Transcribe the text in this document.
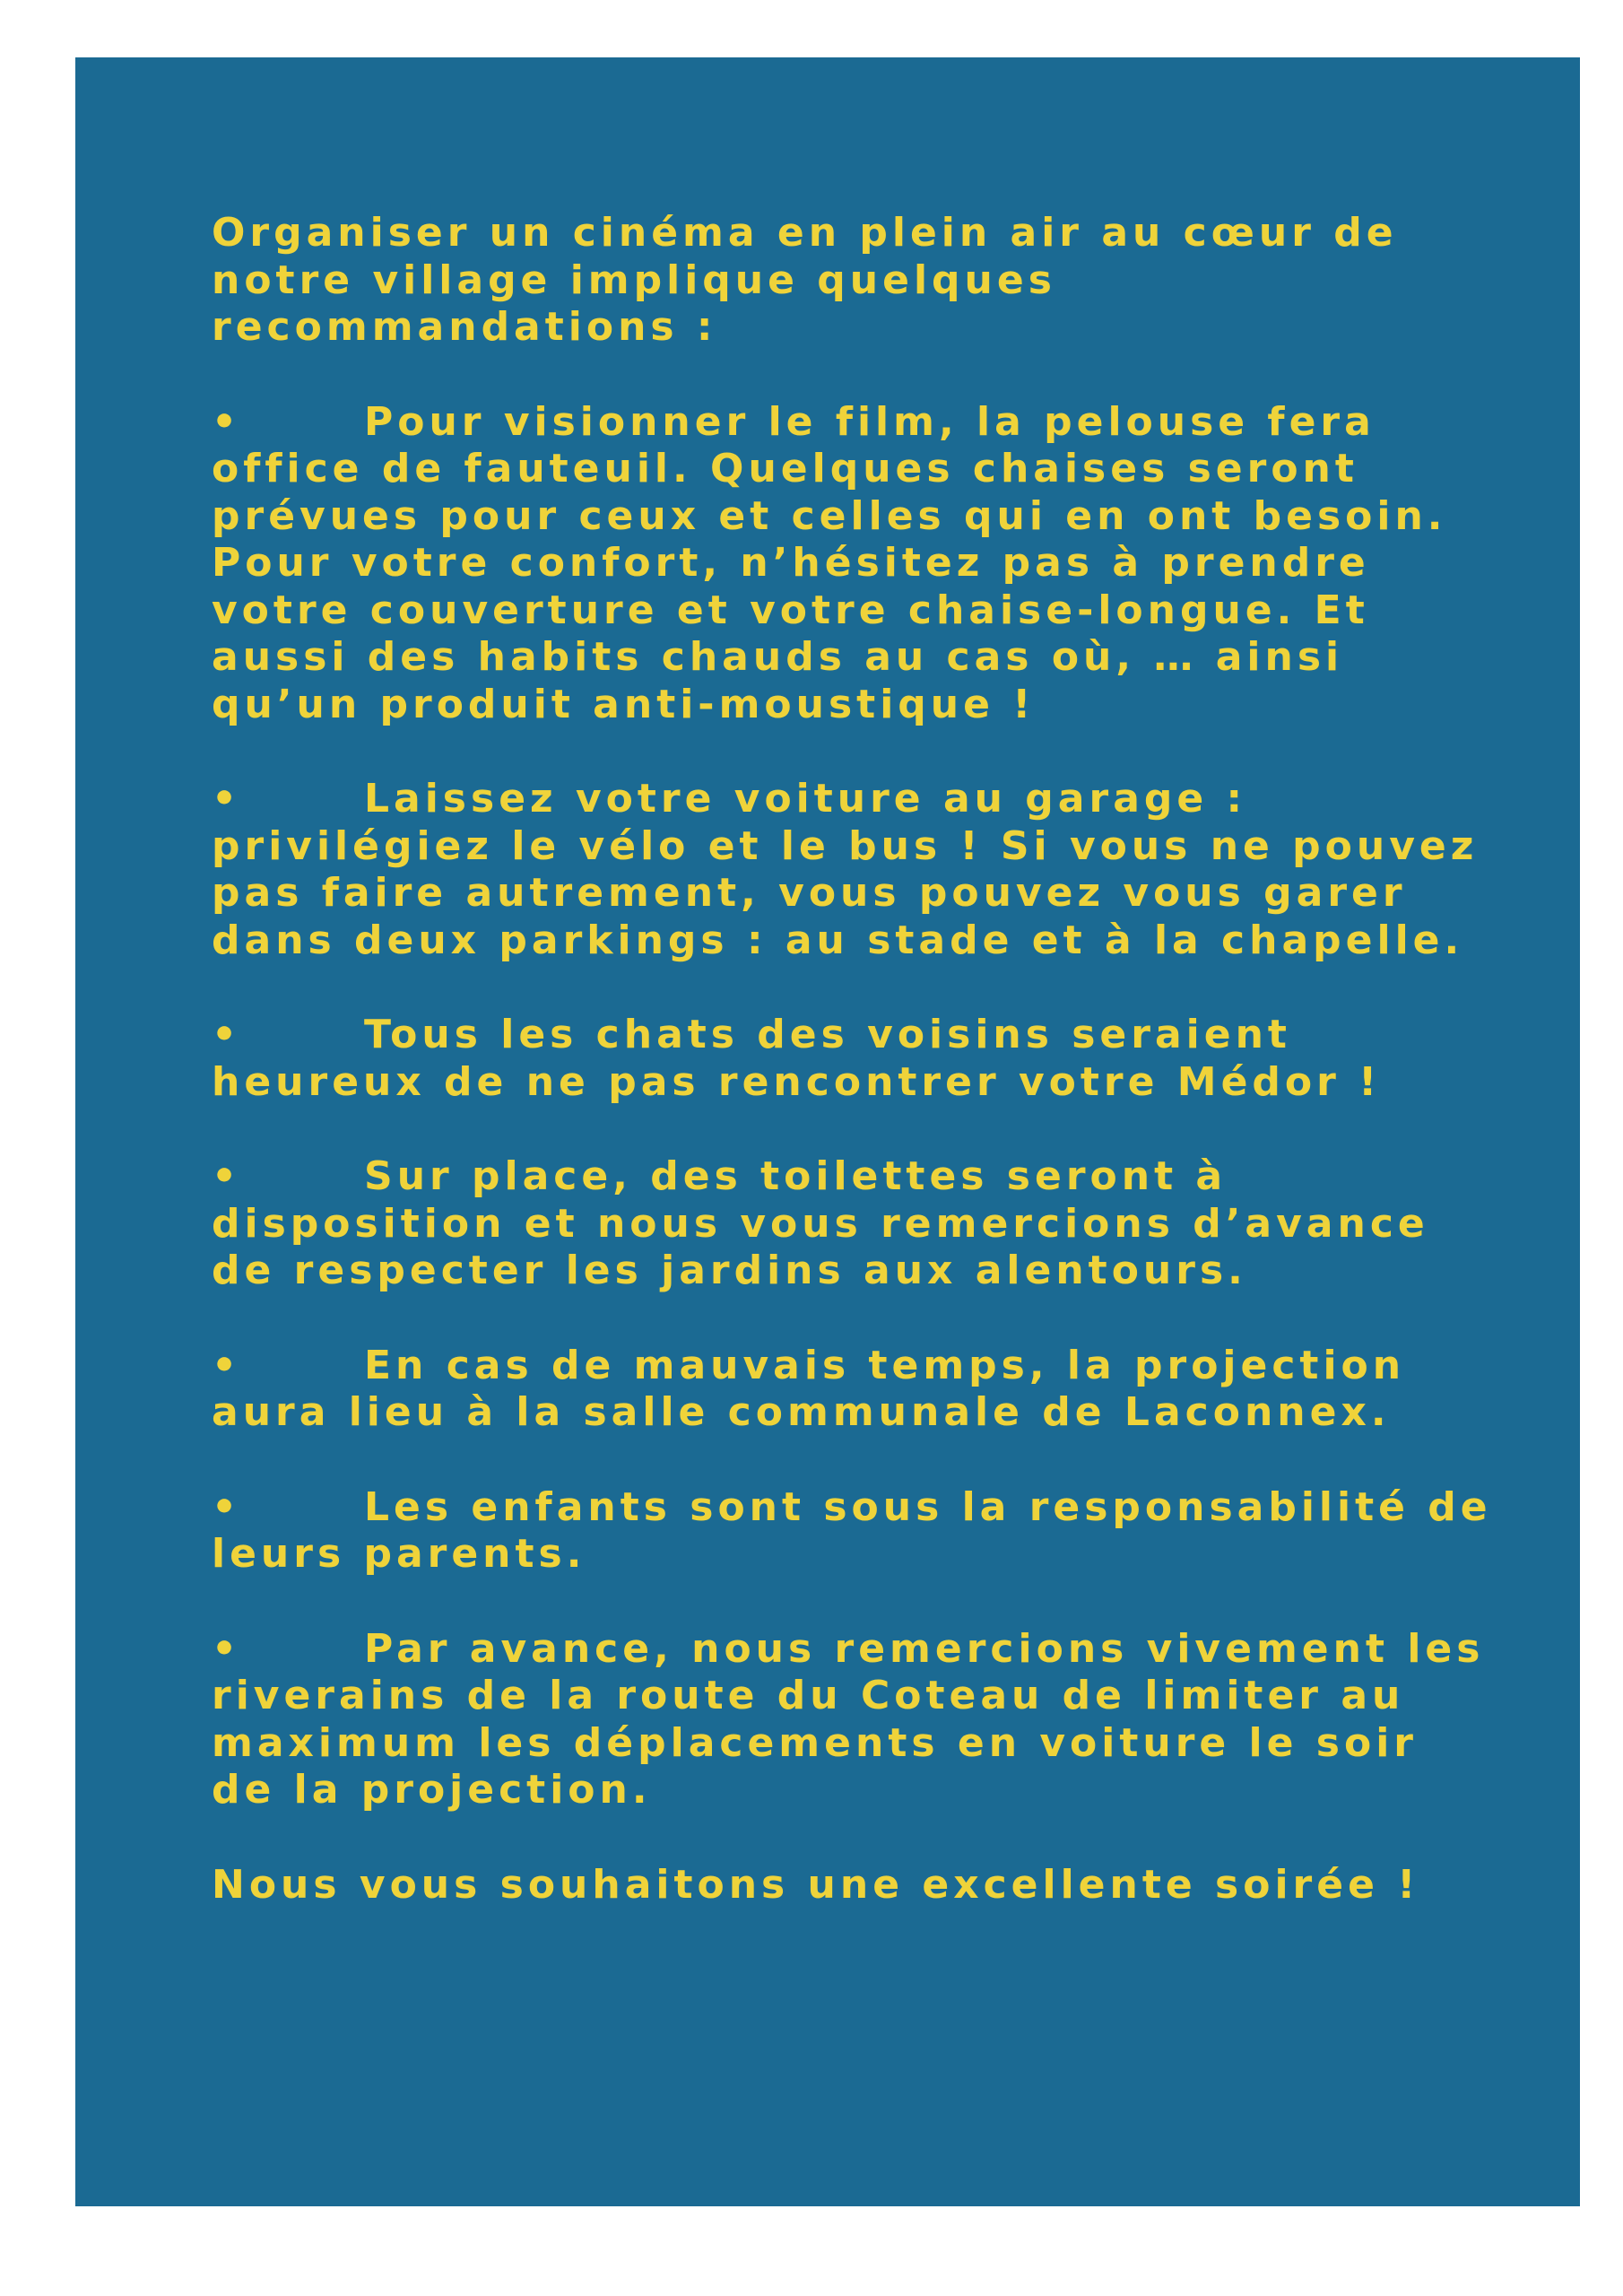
Organiser un cinéma en plein air au cœur de notre village implique quelques recommandations :

•	Pour visionner le film, la pelouse fera office de fauteuil. Quelques chaises seront prévues pour ceux et celles qui en ont besoin. Pour votre confort, n’hésitez pas à prendre votre couverture et votre chaise-longue. Et aussi des habits chauds au cas où, … ainsi qu’un produit anti-moustique !

•	Laissez votre voiture au garage : privilégiez le vélo et le bus ! Si vous ne pouvez pas faire autrement, vous pouvez vous garer dans deux parkings : au stade et à la chapelle.

•	Tous les chats des voisins seraient heureux de ne pas rencontrer votre Médor !

•	Sur place, des toilettes seront à disposition et nous vous remercions d’avance de respecter les jardins aux alentours.

•	En cas de mauvais temps, la projection aura lieu à la salle communale de Laconnex.

•	Les enfants sont sous la responsabilité de leurs parents.

•	Par avance, nous remercions vivement les riverains de la route du Coteau de limiter au maximum les déplacements en voiture le soir de la projection.

Nous vous souhaitons une excellente soirée !
